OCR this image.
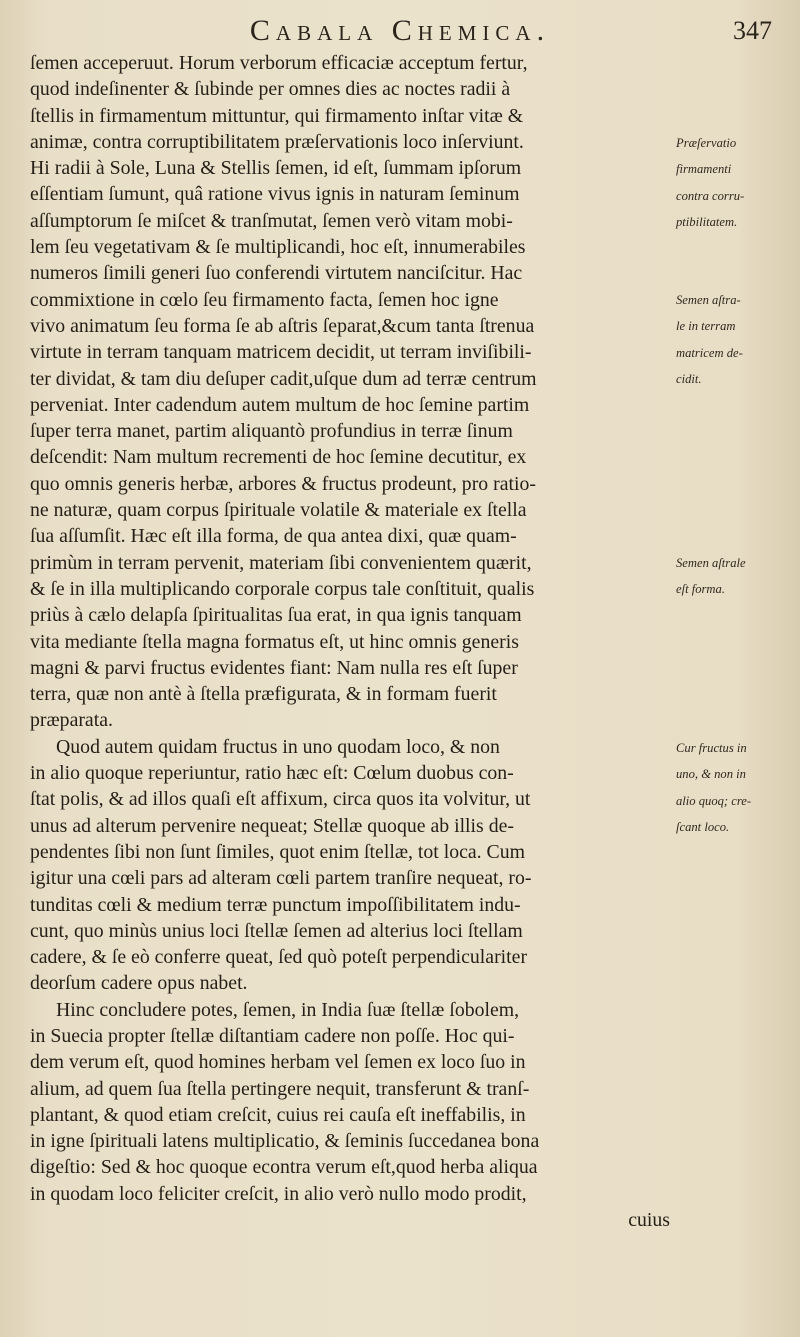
Cabala Chemica.	347
ſemen acceperuut. Horum verborum efficaciæ acceptum fertur,
quod indeſinenter & ſubinde per omnes dies ac noctes radii à
ſtellis in firmamentum mittuntur, qui firmamento inſtar vitæ &
animæ, contra corruptibilitatem præſervationis loco inſerviunt.
Hi radii à Sole, Luna & Stellis ſemen, id eſt, ſummam ipſorum
eſſentiam ſumunt, quâ ratione vivus ignis in naturam ſeminum
aſſumptorum ſe miſcet & tranſmutat, ſemen verò vitam mobi-
lem ſeu vegetativam & ſe multiplicandi, hoc eſt, innumerabiles
numeros ſimili generi ſuo conferendi virtutem nanciſcitur. Hac
commixtione in cœlo ſeu firmamento facta, ſemen hoc igne
vivo animatum ſeu forma ſe ab aſtris ſeparat,&cum tanta ſtrenua
virtute in terram tanquam matricem decidit, ut terram inviſibili-
ter dividat, & tam diu deſuper cadit,uſque dum ad terræ centrum
perveniat. Inter cadendum autem multum de hoc ſemine partim
ſuper terra manet, partim aliquantò profundius in terræ ſinum
deſcendit: Nam multum recrementi de hoc ſemine decutitur, ex
quo omnis generis herbæ, arbores & fructus prodeunt, pro ratio-
ne naturæ, quam corpus ſpirituale volatile & materiale ex ſtella
ſua aſſumſit. Hæc eſt illa forma, de qua antea dixi, quæ quam-
primùm in terram pervenit, materiam ſibi convenientem quærit,
& ſe in illa multiplicando corporale corpus tale conſtituit, qualis
priùs à cælo delapſa ſpiritualitas ſua erat, in qua ignis tanquam
vita mediante ſtella magna formatus eſt, ut hinc omnis generis
magni & parvi fructus evidentes fiant: Nam nulla res eſt ſuper
terra, quæ non antè à ſtella præfigurata, & in formam fuerit
præparata.
Quod autem quidam fructus in uno quodam loco, & non
in alio quoque reperiuntur, ratio hæc eſt: Cœlum duobus con-
ſtat polis, & ad illos quaſi eſt affixum, circa quos ita volvitur, ut
unus ad alterum pervenire nequeat; Stellæ quoque ab illis de-
pendentes ſibi non ſunt ſimiles, quot enim ſtellæ, tot loca. Cum
igitur una cœli pars ad alteram cœli partem tranſire nequeat, ro-
tunditas cœli & medium terræ punctum impoſſibilitatem indu-
cunt, quo minùs unius loci ſtellæ ſemen ad alterius loci ſtellam
cadere, & ſe eò conferre queat, ſed quò poteſt perpendiculariter
deorſum cadere opus nabet.
Hinc concludere potes, ſemen, in India ſuæ ſtellæ ſobolem,
in Suecia propter ſtellæ diſtantiam cadere non poſſe. Hoc qui-
dem verum eſt, quod homines herbam vel ſemen ex loco ſuo in
alium, ad quem ſua ſtella pertingere nequit, transferunt & tranſ-
plantant, & quod etiam creſcit, cuius rei cauſa eſt ineffabilis, in
in igne ſpirituali latens multiplicatio, & ſeminis ſuccedanea bona
digeſtio: Sed & hoc quoque econtra verum eſt,quod herba aliqua
in quodam loco feliciter creſcit, in alio verò nullo modo prodit,
cuius
Præſervatio
firmamenti
contra corru-
ptibilitatem.
Semen aſtra-
le in terram
matricem de-
cidit.
Semen aſtrale
eſt forma.
Cur fructus in
uno, & non in
alio quoq; cre-
ſcant loco.
